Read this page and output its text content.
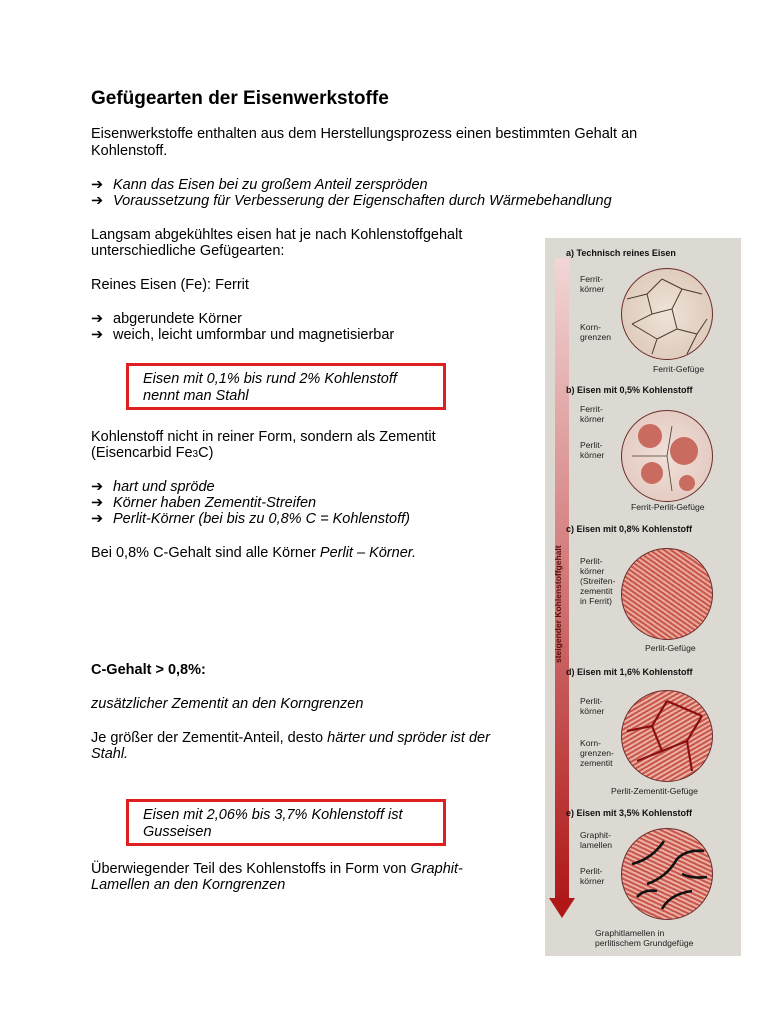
Gefügearten der Eisenwerkstoffe
Eisenwerkstoffe enthalten aus dem Herstellungsprozess einen bestimmten Gehalt an
Kohlenstoff.
➔ Kann das Eisen bei zu großem Anteil zerspröden
➔ Voraussetzung für Verbesserung der Eigenschaften durch Wärmebehandlung
Langsam abgekühltes eisen hat je nach Kohlenstoffgehalt
unterschiedliche Gefügearten:
Reines Eisen (Fe): Ferrit
➔ abgerundete Körner
➔ weich, leicht umformbar und magnetisierbar
Eisen mit 0,1% bis rund 2% Kohlenstoff
nennt man Stahl
Kohlenstoff nicht in reiner Form, sondern als Zementit
(Eisencarbid Fe3C)
➔ hart und spröde
➔ Körner haben Zementit-Streifen
➔ Perlit-Körner (bei bis zu 0,8% C = Kohlenstoff)
Bei 0,8% C-Gehalt sind alle Körner Perlit – Körner.
C-Gehalt > 0,8%:
zusätzlicher Zementit an den Korngrenzen
Je größer der Zementit-Anteil, desto härter und spröder ist der
Stahl.
Eisen mit 2,06% bis 3,7% Kohlenstoff ist
Gusseisen
Überwiegender Teil des Kohlenstoffs in Form von Graphit-
Lamellen an den Korngrenzen
steigender Kohlenstoffgehalt
a) Technisch reines Eisen
Ferrit-
körner
Korn-
grenzen
Ferrit-Gefüge
b) Eisen mit 0,5% Kohlenstoff
Ferrit-
körner
Perlit-
körner
Ferrit-Perlit-Gefüge
c) Eisen mit 0,8% Kohlenstoff
Perlit-
körner
(Streifen-
zementit
in Ferrit)
Perlit-Gefüge
d) Eisen mit 1,6% Kohlenstoff
Perlit-
körner
Korn-
grenzen-
zementit
Perlit-Zementit-Gefüge
e) Eisen mit 3,5% Kohlenstoff
Graphit-
lamellen
Perlit-
körner
Graphitlamellen in
perlitischem Grundgefüge
